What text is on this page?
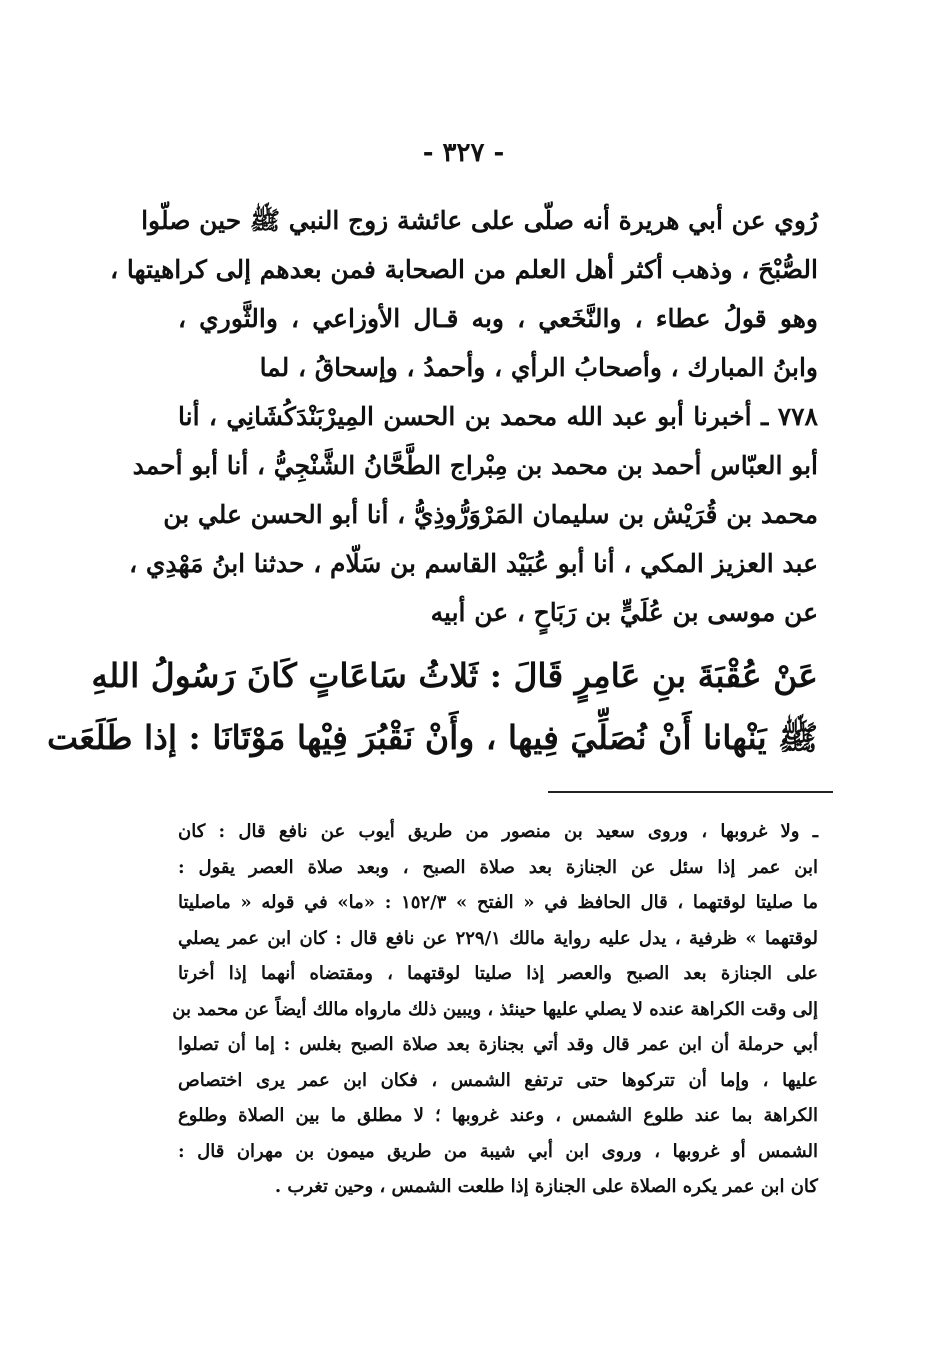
- ٣٢٧ -
رُوي عن أبي هريرة أنه صلّى على عائشة زوج النبي ﷺ حين صلّوا
الصُّبْحَ ، وذهب أكثر أهل العلم من الصحابة فمن بعدهم إلى كراهيتها ،
وهو قولُ عطاء ، والنَّخَعي ، وبه قـال الأوزاعي ، والثَّوري ،
وابنُ المبارك ، وأصحابُ الرأي ، وأحمدُ ، وإسحاقُ ، لما
٧٧٨ ـ أخبرنا أبو عبد الله محمد بن الحسن المِيرْبَنْدَكُشَانِي ، أنا
أبو العبّاس أحمد بن محمد بن مِبْراج الطَّحَّانُ الشَّنْجِيُّ ، أنا أبو أحمد
محمد بن قُرَيْش بن سليمان المَرْوَرُّوذِيُّ ، أنا أبو الحسن علي بن
عبد العزيز المكي ، أنا أبو عُبَيْد القاسم بن سَلّام ، حدثنا ابنُ مَهْدِي ،
عن موسى بن عُلَيٍّ بن رَبَاحٍ ، عن أبيه
عَنْ عُقْبَةَ بنِ عَامِرٍ قَالَ : ثَلاثُ سَاعَاتٍ كَانَ رَسُولُ اللهِ
ﷺ يَنْهانا أَنْ نُصَلِّيَ فِيها ، وأَنْ نَقْبُرَ فِيْها مَوْتَانَا : إذا طَلَعَت
ـ ولا غروبها ، وروى سعيد بن منصور من طريق أيوب عن نافع قال : كان
ابن عمر إذا سئل عن الجنازة بعد صلاة الصبح ، وبعد صلاة العصر يقول :
ما صليتا لوقتهما ، قال الحافظ في « الفتح » ١٥٢/٣ : «ما» في قوله « ماصليتا
لوقتهما » ظرفية ، يدل عليه رواية مالك ٢٢٩/١ عن نافع قال : كان ابن عمر يصلي
على الجنازة بعد الصبح والعصر إذا صليتا لوقتهما ، ومقتضاه أنهما إذا أخرتا
إلى وقت الكراهة عنده لا يصلي عليها حينئذ ، ويبين ذلك مارواه مالك أيضاً عن محمد بن
أبي حرملة أن ابن عمر قال وقد أتي بجنازة بعد صلاة الصبح بغلس : إما أن تصلوا
عليها ، وإما أن تتركوها حتى ترتفع الشمس ، فكان ابن عمر يرى اختصاص
الكراهة بما عند طلوع الشمس ، وعند غروبها ؛ لا مطلق ما بين الصلاة وطلوع
الشمس أو غروبها ، وروى ابن أبي شيبة من طريق ميمون بن مهران قال :
كان ابن عمر يكره الصلاة على الجنازة إذا طلعت الشمس ، وحين تغرب .
